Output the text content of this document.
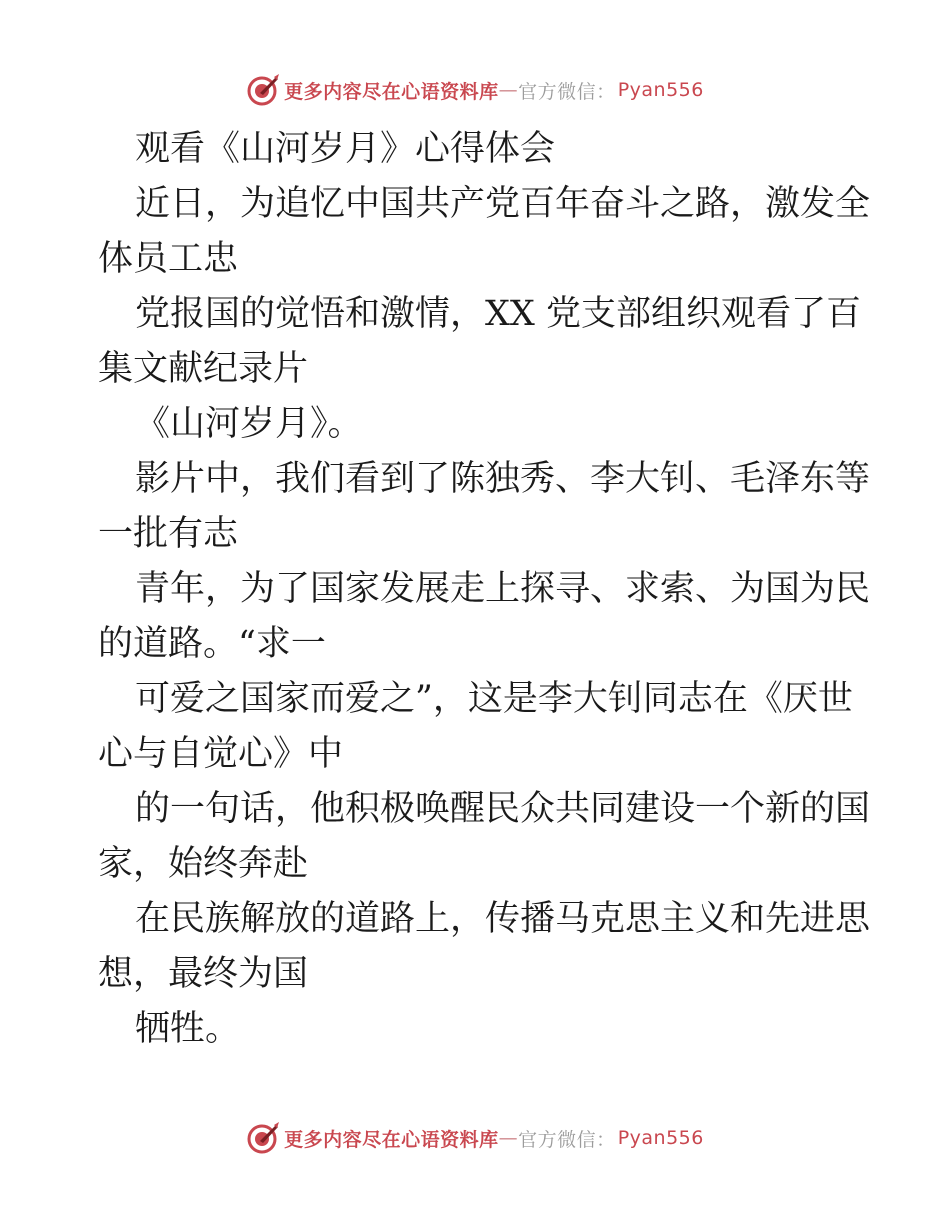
更多内容尽在心语资料库 — 官方微信： Pyan556
观看《山河岁月》心得体会
近日，为追忆中国共产党百年奋斗之路，激发全
体员工忠
党报国的觉悟和激情，XX 党支部组织观看了百
集文献纪录片
《山河岁月》。
影片中，我们看到了陈独秀、李大钊、毛泽东等
一批有志
青年，为了国家发展走上探寻、求索、为国为民
的道路。“求一
可爱之国家而爱之”，这是李大钊同志在《厌世
心与自觉心》中
的一句话，他积极唤醒民众共同建设一个新的国
家，始终奔赴
在民族解放的道路上，传播马克思主义和先进思
想，最终为国
牺牲。
更多内容尽在心语资料库 — 官方微信： Pyan556
